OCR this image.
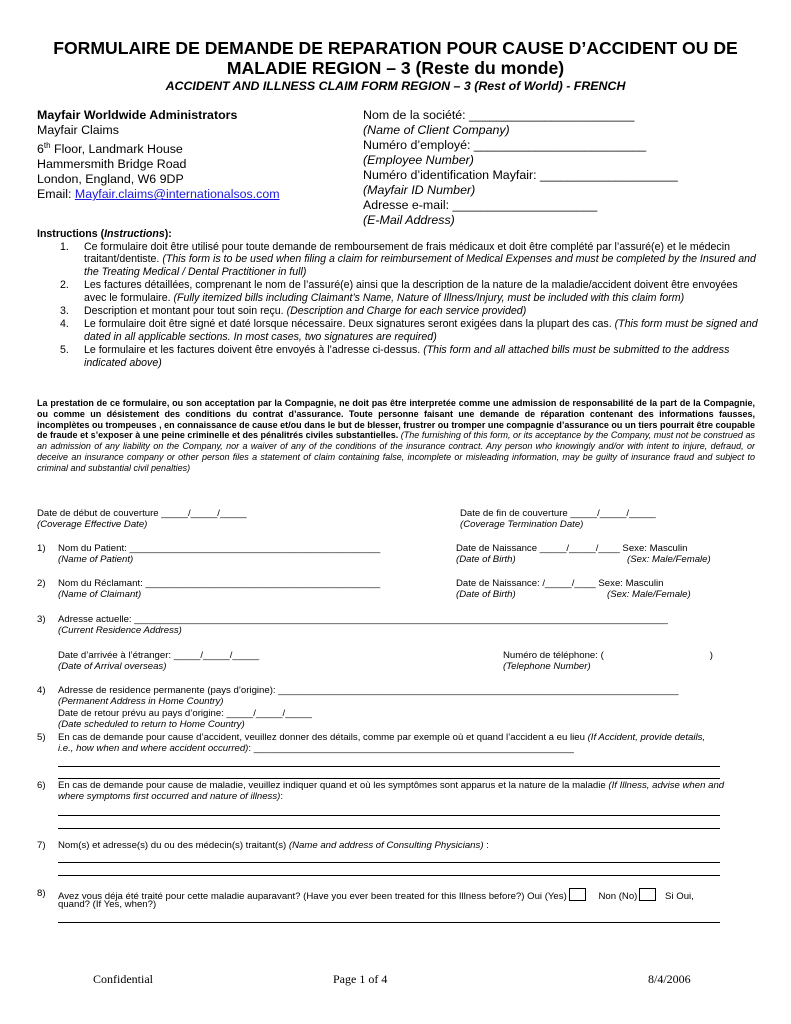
FORMULAIRE DE DEMANDE DE REPARATION POUR CAUSE D’ACCIDENT OU DE
MALADIE REGION – 3 (Reste du monde)
ACCIDENT AND ILLNESS CLAIM FORM REGION – 3 (Rest of World) - FRENCH
Mayfair Worldwide Administrators
Mayfair Claims
6th Floor, Landmark House
Hammersmith Bridge Road
London, England, W6 9DP
Email: Mayfair.claims@internationalsos.com
Nom de la société: ________________________
(Name of Client Company)
Numéro d’employé: _________________________
(Employee Number)
Numéro d’identification Mayfair: ____________________
(Mayfair ID Number)
Adresse e-mail: _____________________
(E-Mail Address)
Instructions (Instructions):
1.	Ce formulaire doit être utilisé pour toute demande de remboursement de frais médicaux et doit être complété par l’assuré(e) et le médecin traitant/dentiste. (This form is to be used when filing a claim for reimbursement of Medical Expenses and must be completed by the Insured and the Treating Medical / Dental Practitioner in full)
2.	Les factures détaillées, comprenant le nom de l’assuré(e) ainsi que la description de la nature de la maladie/accident doivent être envoyées avec le formulaire. (Fully itemized bills including Claimant’s Name, Nature of Illness/Injury, must be included with this claim form)
3.	Description et montant pour tout soin reçu. (Description and Charge for each service provided)
4.	Le formulaire doit être signé et daté lorsque nécessaire. Deux signatures seront exigées dans la plupart des cas. (This form must be signed and dated in all applicable sections. In most cases, two signatures are required)
5.	Le formulaire et les factures doivent être envoyés à l’adresse ci-dessus. (This form and all attached bills must be submitted to the address indicated above)
La prestation de ce formulaire, ou son acceptation par la Compagnie, ne doit pas être interpretée comme une admission de responsabilité de la part de la Compagnie, ou comme un désistement des conditions du contrat d’assurance. Toute personne faisant une demande de réparation contenant des informations fausses, incomplètes ou trompeuses , en connaissance de cause et/ou dans le but de blesser, frustrer ou tromper une compagnie d’assurance ou un tiers pourrait être coupable de fraude et s’exposer à une peine criminelle et des pénalitrés civiles substantielles. (The furnishing of this form, or its acceptance by the Company, must not be construed as an admission of any liability on the Company, nor a waiver of any of the conditions of the insurance contract. Any person who knowingly and/or with intent to injure, defraud, or deceive an insurance company or other person files a statement of claim containing false, incomplete or misleading information, may be guilty of insurance fraud and subject to criminal and substantial civil penalties)
Date de début de couverture _____/_____/_____
(Coverage Effective Date)
Date de fin de couverture _____/_____/_____
(Coverage Termination Date)
1) Nom du Patient: _______________________________________________
(Name of Patient)
Date de Naissance _____/_____/____ Sexe: Masculin
(Date of Birth)	(Sex: Male/Female)
2) Nom du Réclamant: ____________________________________________
(Name of Claimant)
Date de Naissance: /_____/____ Sexe: Masculin
(Date of Birth)	(Sex: Male/Female)
3) Adresse actuelle: ____________________________________________________________________________________________________
(Current Residence Address)
Date d’arrivée à l’étranger: _____/_____/_____
(Date of Arrival overseas)
Numéro de téléphone: (	)
(Telephone Number)
4) Adresse de residence permanente (pays d’origine): ___________________________________________________________________________
(Permanent Address in Home Country)
Date de retour prévu au pays d’origine: _____/_____/_____
(Date scheduled to return to Home Country)
5) En cas de demande pour cause d’accident, veuillez donner des détails, comme par exemple où et quand l’accident a eu lieu (If Accident, provide details, i.e., how when and where accident occurred): ____________________________________________________________
6) En cas de demande pour cause de maladie, veuillez indiquer quand et où les symptômes sont apparus et la nature de la maladie (If Illness, advise when and where symptoms first occurred and nature of illness):
7) Nom(s) et adresse(s) du ou des médecin(s) traitant(s) (Name and address of Consulting Physicians) :
8) Avez vous déja été traité pour cette maladie auparavant? (Have you ever been treated for this Illness before?) Oui (Yes)	Non (No)	Si Oui,
quand? (If Yes, when?)
Confidential	Page 1 of 4	8/4/2006
